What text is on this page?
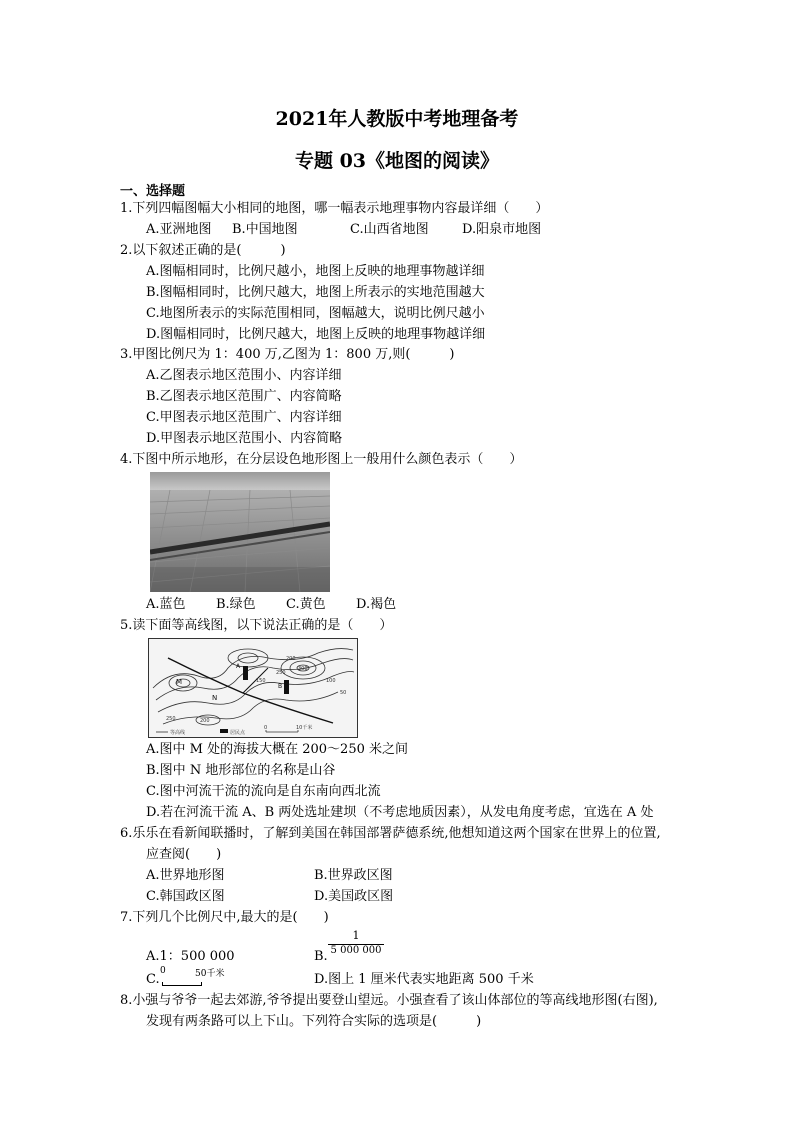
2021年人教版中考地理备考
专题 03《地图的阅读》
一、选择题
1.下列四幅图幅大小相同的地图，哪一幅表示地理事物内容最详细（　　）
A.亚洲地图 B.中国地图	C.山西省地图	D.阳泉市地图
2.以下叙述正确的是(　　　)
A.图幅相同时，比例尺越小，地图上反映的地理事物越详细
B.图幅相同时，比例尺越大，地图上所表示的实地范围越大
C.地图所表示的实际范围相同，图幅越大，说明比例尺越小
D.图幅相同时，比例尺越大，地图上反映的地理事物越详细
3.甲图比例尺为 1：400 万,乙图为 1：800 万,则(　　　)
A.乙图表示地区范围小、内容详细
B.乙图表示地区范围广、内容简略
C.甲图表示地区范围广、内容详细
D.甲图表示地区范围小、内容简略
4.下图中所示地形，在分层设色地形图上一般用什么颜色表示（　　）
A.蓝色 B.绿色 C.黄色 D.褐色
5.读下面等高线图，以下说法正确的是（　　）
M
N
A
B
250	200
150	100
50
300
200
250
等高线	居民点
0	10千米
A.图中 M 处的海拔大概在 200～250 米之间
B.图中 N 地形部位的名称是山谷
C.图中河流干流的流向是自东南向西北流
D.若在河流干流 A、B 两处选址建坝（不考虑地质因素），从发电角度考虑，宜选在 A 处
6.乐乐在看新闻联播时，了解到美国在韩国部署萨德系统,他想知道这两个国家在世界上的位置,
应查阅(　　)
A.世界地形图	B.世界政区图
C.韩国政区图	D.美国政区图
7.下列几个比例尺中,最大的是(　　)
A.1：500 000	B.
1
5 000 000
C.
0	50千米	D.图上 1 厘米代表实地距离 500 千米
8.小强与爷爷一起去郊游,爷爷提出要登山望远。小强查看了该山体部位的等高线地形图(右图),
发现有两条路可以上下山。下列符合实际的选项是(　　　)
